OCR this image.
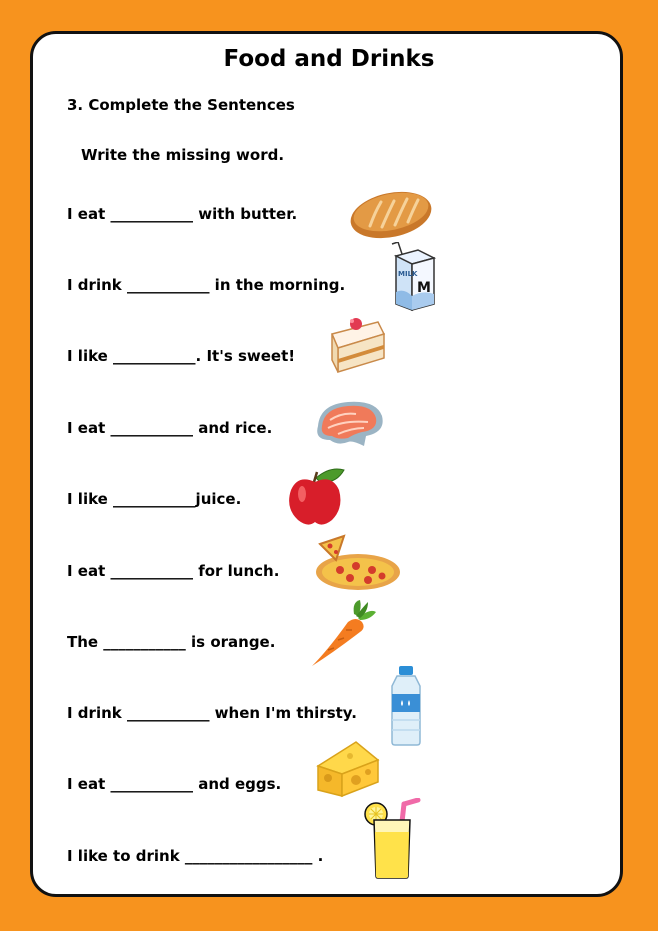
Food and Drinks
3. Complete the Sentences
Write the missing word.
I eat ___________ with butter.
I drink ___________ in the morning.
I like ___________. It's sweet!
I eat ___________ and rice.
I like ___________juice.
I eat ___________ for lunch.
The ___________ is orange.
I drink ___________ when I'm thirsty.
I eat ___________ and eggs.
I like to drink _________________ .
MILK
M
